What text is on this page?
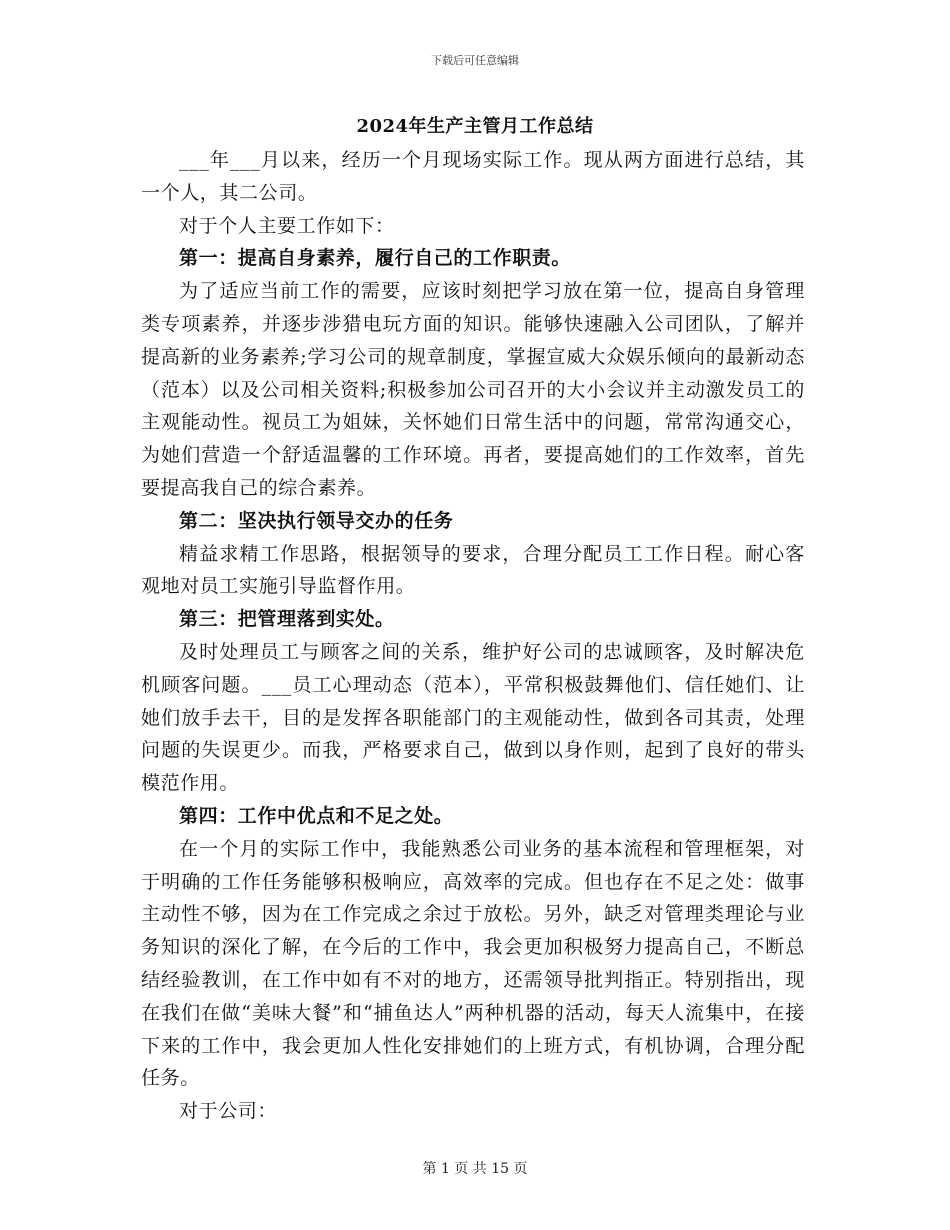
下载后可任意编辑
2024年生产主管月工作总结

___年___月以来，经历一个月现场实际工作。现从两方面进行总结，其一个人，其二公司。

对于个人主要工作如下：

第一：提高自身素养，履行自己的工作职责。

为了适应当前工作的需要，应该时刻把学习放在第一位，提高自身管理类专项素养，并逐步涉猎电玩方面的知识。能够快速融入公司团队，了解并提高新的业务素养;学习公司的规章制度，掌握宣威大众娱乐倾向的最新动态（范本）以及公司相关资料;积极参加公司召开的大小会议并主动激发员工的主观能动性。视员工为姐妹，关怀她们日常生活中的问题，常常沟通交心，为她们营造一个舒适温馨的工作环境。再者，要提高她们的工作效率，首先要提高我自己的综合素养。

第二：坚决执行领导交办的任务

精益求精工作思路，根据领导的要求，合理分配员工工作日程。耐心客观地对员工实施引导监督作用。

第三：把管理落到实处。

及时处理员工与顾客之间的关系，维护好公司的忠诚顾客，及时解决危机顾客问题。___员工心理动态（范本），平常积极鼓舞他们、信任她们、让她们放手去干，目的是发挥各职能部门的主观能动性，做到各司其责，处理问题的失误更少。而我，严格要求自己，做到以身作则，起到了良好的带头模范作用。

第四：工作中优点和不足之处。

在一个月的实际工作中，我能熟悉公司业务的基本流程和管理框架，对于明确的工作任务能够积极响应，高效率的完成。但也存在不足之处：做事主动性不够，因为在工作完成之余过于放松。另外，缺乏对管理类理论与业务知识的深化了解，在今后的工作中，我会更加积极努力提高自己，不断总结经验教训，在工作中如有不对的地方，还需领导批判指正。特别指出，现在我们在做“美味大餐”和“捕鱼达人”两种机器的活动，每天人流集中，在接下来的工作中，我会更加人性化安排她们的上班方式，有机协调，合理分配任务。

对于公司：

第 1 页 共 15 页
